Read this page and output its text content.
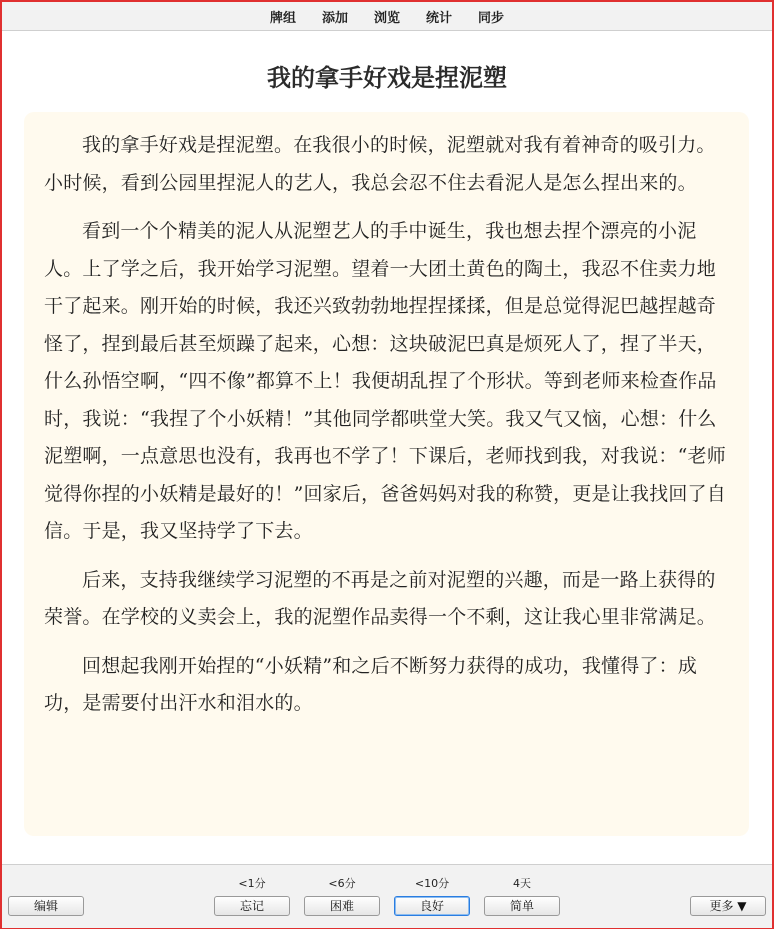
牌组	添加	浏览	统计	同步
我的拿手好戏是捏泥塑

我的拿手好戏是捏泥塑。在我很小的时候，泥塑就对我有着神奇的吸引力。小时候，看到公园里捏泥人的艺人，我总会忍不住去看泥人是怎么捏出来的。

看到一个个精美的泥人从泥塑艺人的手中诞生，我也想去捏个漂亮的小泥人。上了学之后，我开始学习泥塑。望着一大团土黄色的陶土，我忍不住卖力地干了起来。刚开始的时候，我还兴致勃勃地捏捏揉揉，但是总觉得泥巴越捏越奇怪了，捏到最后甚至烦躁了起来，心想：这块破泥巴真是烦死人了，捏了半天，什么孙悟空啊，“四不像”都算不上！我便胡乱捏了个形状。等到老师来检查作品时，我说：“我捏了个小妖精！”其他同学都哄堂大笑。我又气又恼，心想：什么泥塑啊，一点意思也没有，我再也不学了！下课后，老师找到我，对我说：“老师觉得你捏的小妖精是最好的！”回家后，爸爸妈妈对我的称赞，更是让我找回了自信。于是，我又坚持学了下去。

后来，支持我继续学习泥塑的不再是之前对泥塑的兴趣，而是一路上获得的荣誉。在学校的义卖会上，我的泥塑作品卖得一个不剩，这让我心里非常满足。

回想起我刚开始捏的“小妖精”和之后不断努力获得的成功，我懂得了：成功，是需要付出汗水和泪水的。

编辑
<1分
忘记
<6分
困难
<10分
良好
4天
简单	更多 ▼
